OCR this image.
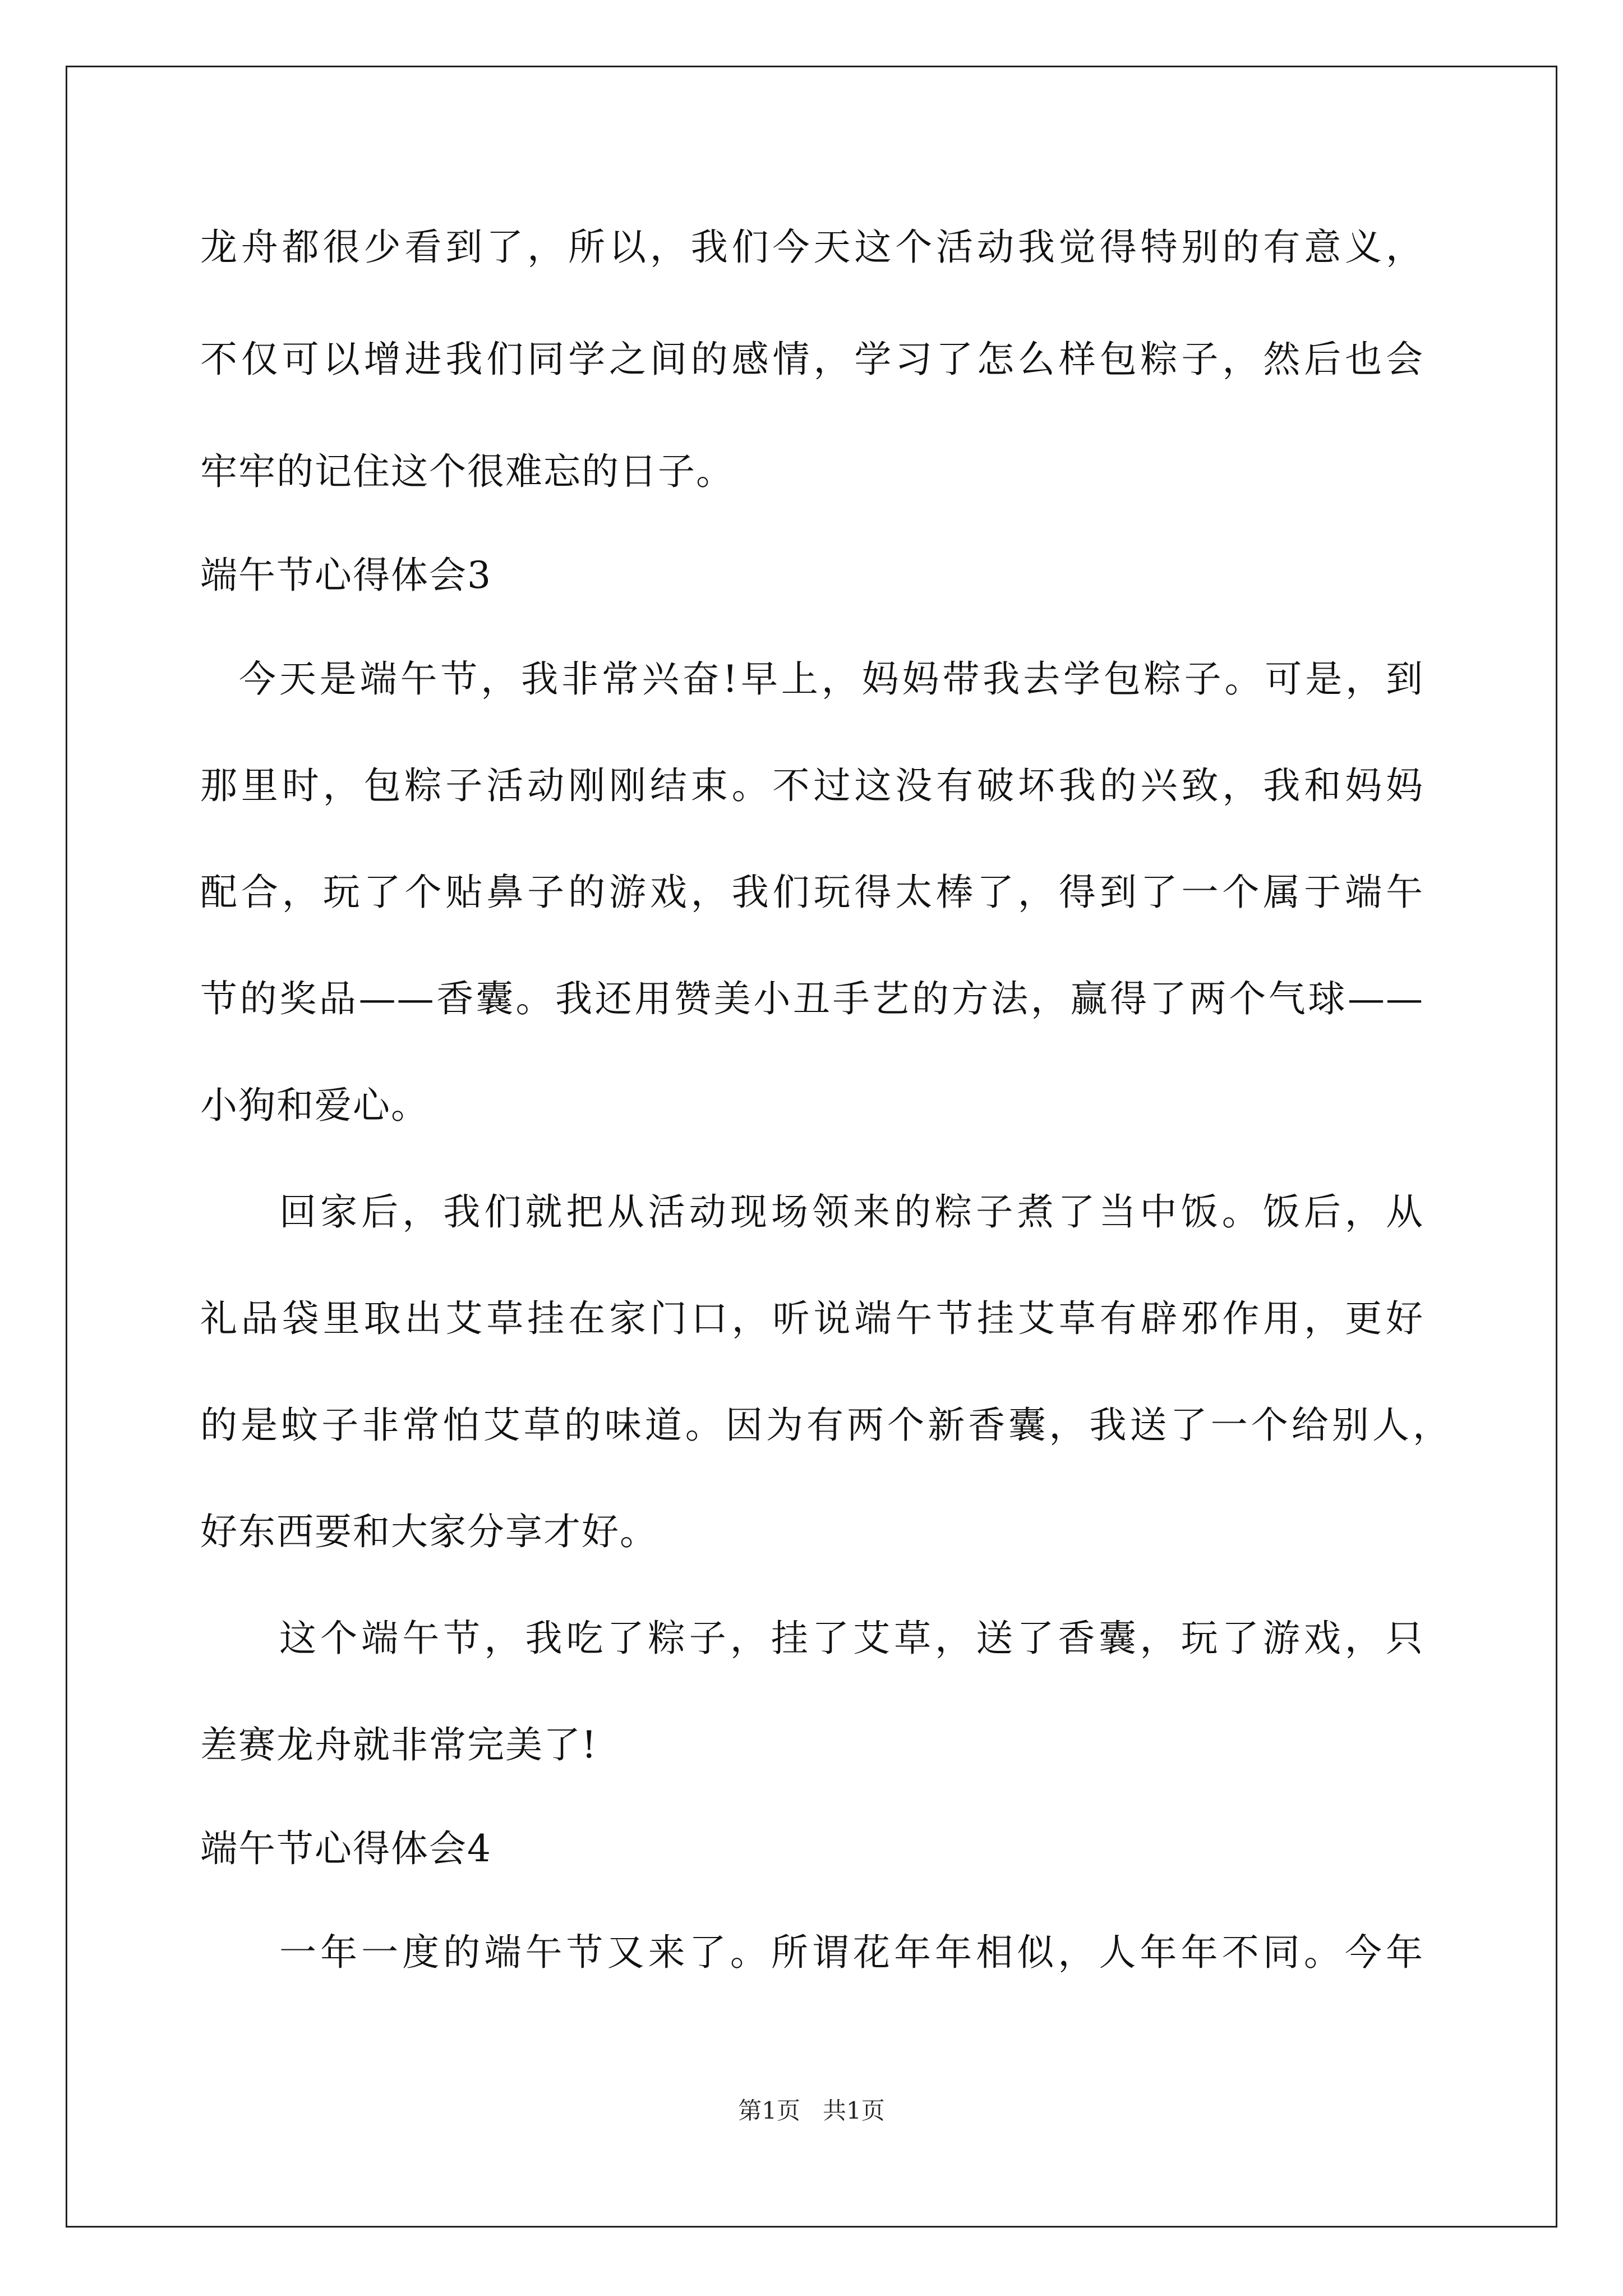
龙舟都很少看到了，所以，我们今天这个活动我觉得特别的有意义，
不仅可以增进我们同学之间的感情，学习了怎么样包粽子，然后也会
牢牢的记住这个很难忘的日子。
端午节心得体会3
今天是端午节，我非常兴奋!早上，妈妈带我去学包粽子。可是，到
那里时，包粽子活动刚刚结束。不过这没有破坏我的兴致，我和妈妈
配合，玩了个贴鼻子的游戏，我们玩得太棒了，得到了一个属于端午
节的奖品——香囊。我还用赞美小丑手艺的方法，赢得了两个气球——
小狗和爱心。
回家后，我们就把从活动现场领来的粽子煮了当中饭。饭后，从
礼品袋里取出艾草挂在家门口，听说端午节挂艾草有辟邪作用，更好
的是蚊子非常怕艾草的味道。因为有两个新香囊，我送了一个给别人，
好东西要和大家分享才好。
这个端午节，我吃了粽子，挂了艾草，送了香囊，玩了游戏，只
差赛龙舟就非常完美了!
端午节心得体会4
一年一度的端午节又来了。所谓花年年相似，人年年不同。今年
第1页 共1页
